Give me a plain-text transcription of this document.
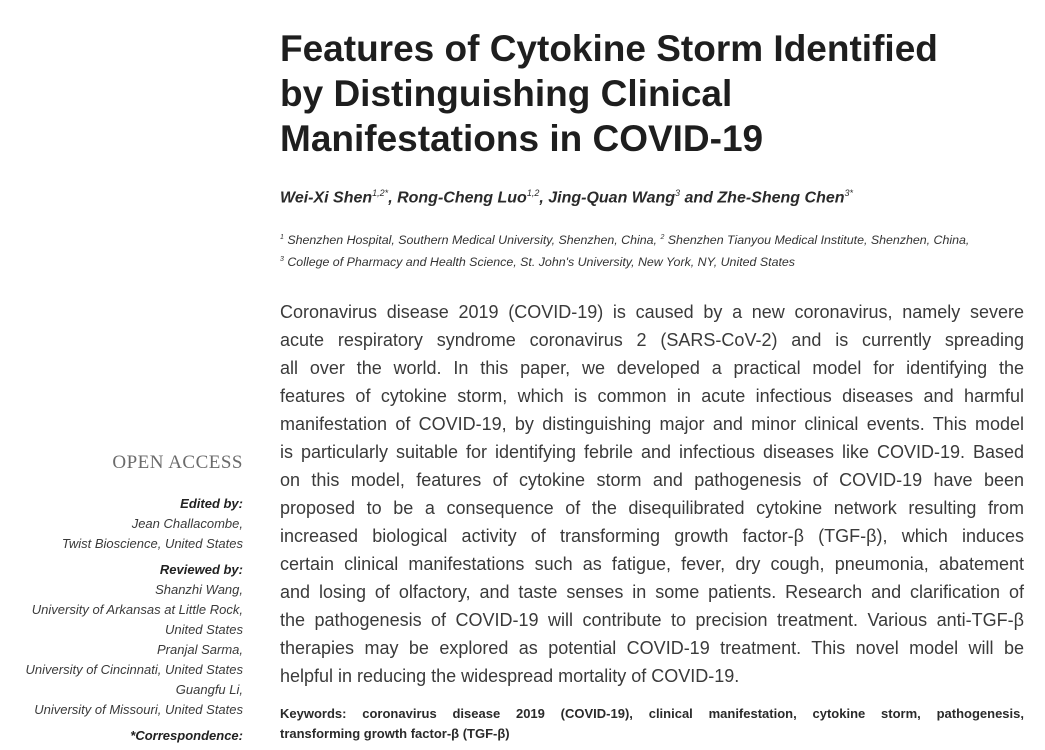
Features of Cytokine Storm Identified
by Distinguishing Clinical
Manifestations in COVID-19
Wei-Xi Shen$^{1,2*}$, Rong-Cheng Luo$^{1,2}$, Jing-Quan Wang$^3$ and Zhe-Sheng Chen$^{3*}$
$^1$ Shenzhen Hospital, Southern Medical University, Shenzhen, China, $^2$ Shenzhen Tianyou Medical Institute, Shenzhen, China,
$^3$ College of Pharmacy and Health Science, St. John's University, New York, NY, United States
Coronavirus disease 2019 (COVID-19) is caused by a new coronavirus, namely severe
acute respiratory syndrome coronavirus 2 (SARS-CoV-2) and is currently spreading
all over the world. In this paper, we developed a practical model for identifying the
features of cytokine storm, which is common in acute infectious diseases and harmful
manifestation of COVID-19, by distinguishing major and minor clinical events. This model
is particularly suitable for identifying febrile and infectious diseases like COVID-19. Based
on this model, features of cytokine storm and pathogenesis of COVID-19 have been
proposed to be a consequence of the disequilibrated cytokine network resulting from
increased biological activity of transforming growth factor-β (TGF-β), which induces
certain clinical manifestations such as fatigue, fever, dry cough, pneumonia, abatement
and losing of olfactory, and taste senses in some patients. Research and clarification of
the pathogenesis of COVID-19 will contribute to precision treatment. Various anti-TGF-β
therapies may be explored as potential COVID-19 treatment. This novel model will be
helpful in reducing the widespread mortality of COVID-19.
Keywords: coronavirus disease 2019 (COVID-19), clinical manifestation, cytokine storm, pathogenesis,
transforming growth factor-β (TGF-β)
OPEN ACCESS
Edited by:
Jean Challacombe,
Twist Bioscience, United States
Reviewed by:
Shanzhi Wang,
University of Arkansas at Little Rock,
United States
Pranjal Sarma,
University of Cincinnati, United States
Guangfu Li,
University of Missouri, United States
*Correspondence:
